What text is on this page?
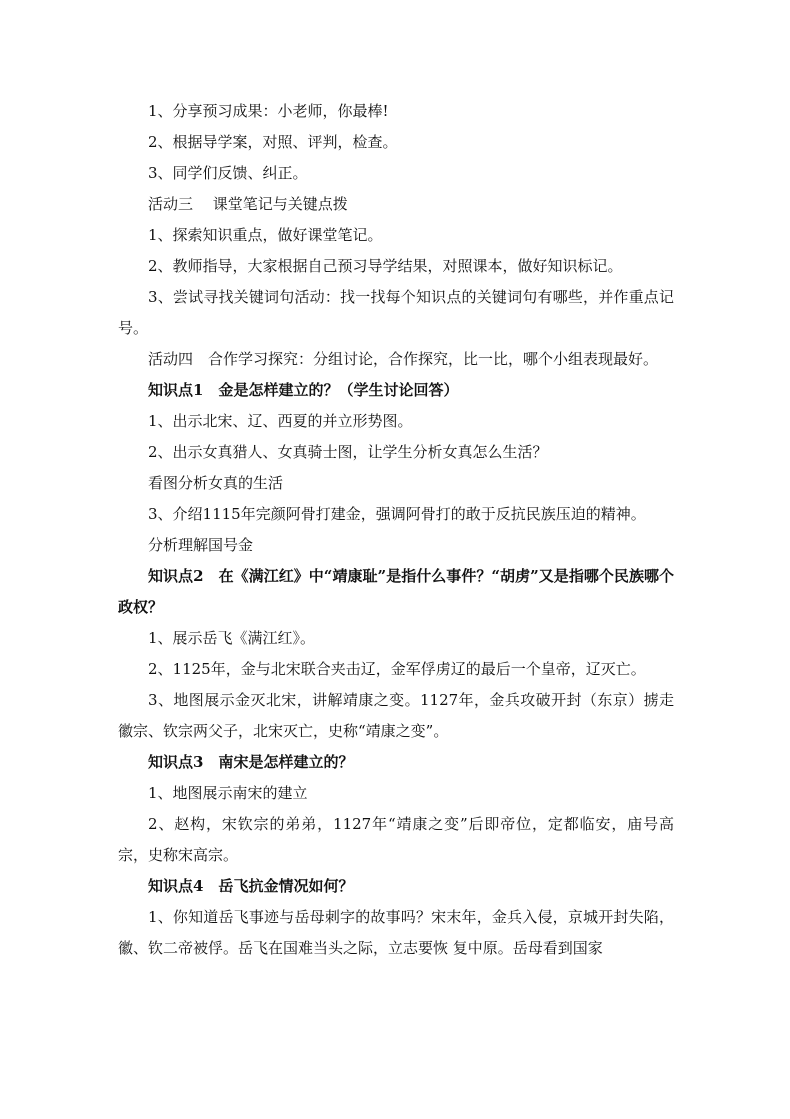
1、分享预习成果：小老师，你最棒!

2、根据导学案，对照、评判，检查。

3、同学们反馈、纠正。

活动三　 课堂笔记与关键点拨

1、探索知识重点，做好课堂笔记。

2、教师指导，大家根据自己预习导学结果，对照课本，做好知识标记。

3、尝试寻找关键词句活动：找一找每个知识点的关键词句有哪些，并作重点记号。

活动四　合作学习探究：分组讨论，合作探究，比一比，哪个小组表现最好。

知识点1　金是怎样建立的？（学生讨论回答）

1、出示北宋、辽、西夏的并立形势图。

2、出示女真猎人、女真骑士图，让学生分析女真怎么生活？

看图分析女真的生活

3、介绍1115年完颜阿骨打建金，强调阿骨打的敢于反抗民族压迫的精神。

分析理解国号金

知识点2　在《满江红》中“靖康耻”是指什么事件？“胡虏”又是指哪个民族哪个政权？

1、展示岳飞《满江红》。

2、1125年，金与北宋联合夹击辽，金军俘虏辽的最后一个皇帝，辽灭亡。

3、地图展示金灭北宋，讲解靖康之变。1127年，金兵攻破开封（东京）掳走徽宗、钦宗两父子，北宋灭亡，史称“靖康之变”。

知识点3　南宋是怎样建立的？

1、地图展示南宋的建立

2、赵构，宋钦宗的弟弟，1127年“靖康之变”后即帝位，定都临安，庙号高宗，史称宋高宗。

知识点4　岳飞抗金情况如何？

1、你知道岳飞事迹与岳母刺字的故事吗？宋末年，金兵入侵，京城开封失陷，徽、钦二帝被俘。岳飞在国难当头之际，立志要恢 复中原。岳母看到国家
